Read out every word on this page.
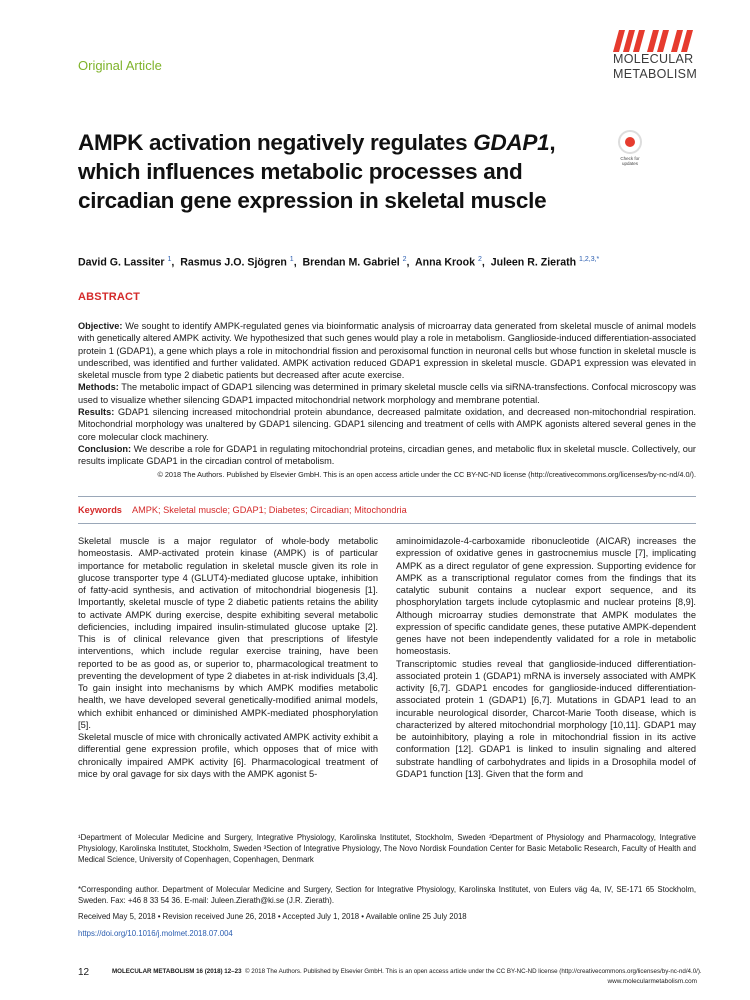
Original Article	MOLECULAR
METABOLISM
AMPK activation negatively regulates GDAP1,
which influences metabolic processes and
circadian gene expression in skeletal muscle
Check for
updates
David G. Lassiter $^1$,  Rasmus J.O. Sjögren $^1$,  Brendan M. Gabriel $^2$,  Anna Krook $^2$,  Juleen R. Zierath $^{1,2,3,*}$
ABSTRACT

Objective: We sought to identify AMPK-regulated genes via bioinformatic analysis of microarray data generated from skeletal muscle of animal models with genetically altered AMPK activity. We hypothesized that such genes would play a role in metabolism. Ganglioside-induced differentiation-associated protein 1 (GDAP1), a gene which plays a role in mitochondrial fission and peroxisomal function in neuronal cells but whose function in skeletal muscle is undescribed, was identified and further validated. AMPK activation reduced GDAP1 expression in skeletal muscle. GDAP1 expression was elevated in skeletal muscle from type 2 diabetic patients but decreased after acute exercise.

Methods: The metabolic impact of GDAP1 silencing was determined in primary skeletal muscle cells via siRNA-transfections. Confocal microscopy was used to visualize whether silencing GDAP1 impacted mitochondrial network morphology and membrane potential.

Results: GDAP1 silencing increased mitochondrial protein abundance, decreased palmitate oxidation, and decreased non-mitochondrial respiration. Mitochondrial morphology was unaltered by GDAP1 silencing. GDAP1 silencing and treatment of cells with AMPK agonists altered several genes in the core molecular clock machinery.

Conclusion: We describe a role for GDAP1 in regulating mitochondrial proteins, circadian genes, and metabolic flux in skeletal muscle. Collectively, our results implicate GDAP1 in the circadian control of metabolism.

© 2018 The Authors. Published by Elsevier GmbH. This is an open access article under the CC BY-NC-ND license (http://creativecommons.org/licenses/by-nc-nd/4.0/).
Keywords AMPK; Skeletal muscle; GDAP1; Diabetes; Circadian; Mitochondria

Skeletal muscle is a major regulator of whole-body metabolic homeostasis. AMP-activated protein kinase (AMPK) is of particular importance for metabolic regulation in skeletal muscle given its role in glucose transporter type 4 (GLUT4)-mediated glucose uptake, inhibition of fatty-acid synthesis, and activation of mitochondrial biogenesis [1]. Importantly, skeletal muscle of type 2 diabetic patients retains the ability to activate AMPK during exercise, despite exhibiting several metabolic deficiencies, including impaired insulin-stimulated glucose uptake [2]. This is of clinical relevance given that prescriptions of lifestyle interventions, which include regular exercise training, have been reported to be as good as, or superior to, pharmacological treatment to preventing the development of type 2 diabetes in at-risk individuals [3,4]. To gain insight into mechanisms by which AMPK modifies metabolic health, we have developed several genetically-modified animal models, which exhibit enhanced or diminished AMPK-mediated phosphorylation [5].

Skeletal muscle of mice with chronically activated AMPK activity exhibit a differential gene expression profile, which opposes that of mice with chronically impaired AMPK activity [6]. Pharmacological treatment of mice by oral gavage for six days with the AMPK agonist 5-

aminoimidazole-4-carboxamide ribonucleotide (AICAR) increases the expression of oxidative genes in gastrocnemius muscle [7], implicating AMPK as a direct regulator of gene expression. Supporting evidence for AMPK as a transcriptional regulator comes from the findings that its catalytic subunit contains a nuclear export sequence, and its phosphorylation targets include cytoplasmic and nuclear proteins [8,9]. Although microarray studies demonstrate that AMPK modulates the expression of specific candidate genes, these putative AMPK-dependent genes have not been independently validated for a role in metabolic homeostasis.

Transcriptomic studies reveal that ganglioside-induced differentiation-associated protein 1 (GDAP1) mRNA is inversely associated with AMPK activity [6,7]. GDAP1 encodes for ganglioside-induced differentiation-associated protein 1 (GDAP1) [6,7]. Mutations in GDAP1 lead to an incurable neurological disorder, Charcot-Marie Tooth disease, which is characterized by altered mitochondrial morphology [10,11]. GDAP1 may be autoinhibitory, playing a role in mitochondrial fission in its active conformation [12]. GDAP1 is linked to insulin signaling and altered substrate handling of carbohydrates and lipids in a Drosophila model of GDAP1 function [13]. Given that the form and

¹Department of Molecular Medicine and Surgery, Integrative Physiology, Karolinska Institutet, Stockholm, Sweden ²Department of Physiology and Pharmacology, Integrative Physiology, Karolinska Institutet, Stockholm, Sweden ³Section of Integrative Physiology, The Novo Nordisk Foundation Center for Basic Metabolic Research, Faculty of Health and Medical Science, University of Copenhagen, Copenhagen, Denmark

*Corresponding author. Department of Molecular Medicine and Surgery, Section for Integrative Physiology, Karolinska Institutet, von Eulers väg 4a, IV, SE-171 65 Stockholm, Sweden. Fax: +46 8 33 54 36. E-mail: Juleen.Zierath@ki.se (J.R. Zierath).

Received May 5, 2018 • Revision received June 26, 2018 • Accepted July 1, 2018 • Available online 25 July 2018
https://doi.org/10.1016/j.molmet.2018.07.004
12	MOLECULAR METABOLISM 16 (2018) 12–23 © 2018 The Authors. Published by Elsevier GmbH. This is an open access article under the CC BY-NC-ND license (http://creativecommons.org/licenses/by-nc-nd/4.0/).
www.molecularmetabolism.com
